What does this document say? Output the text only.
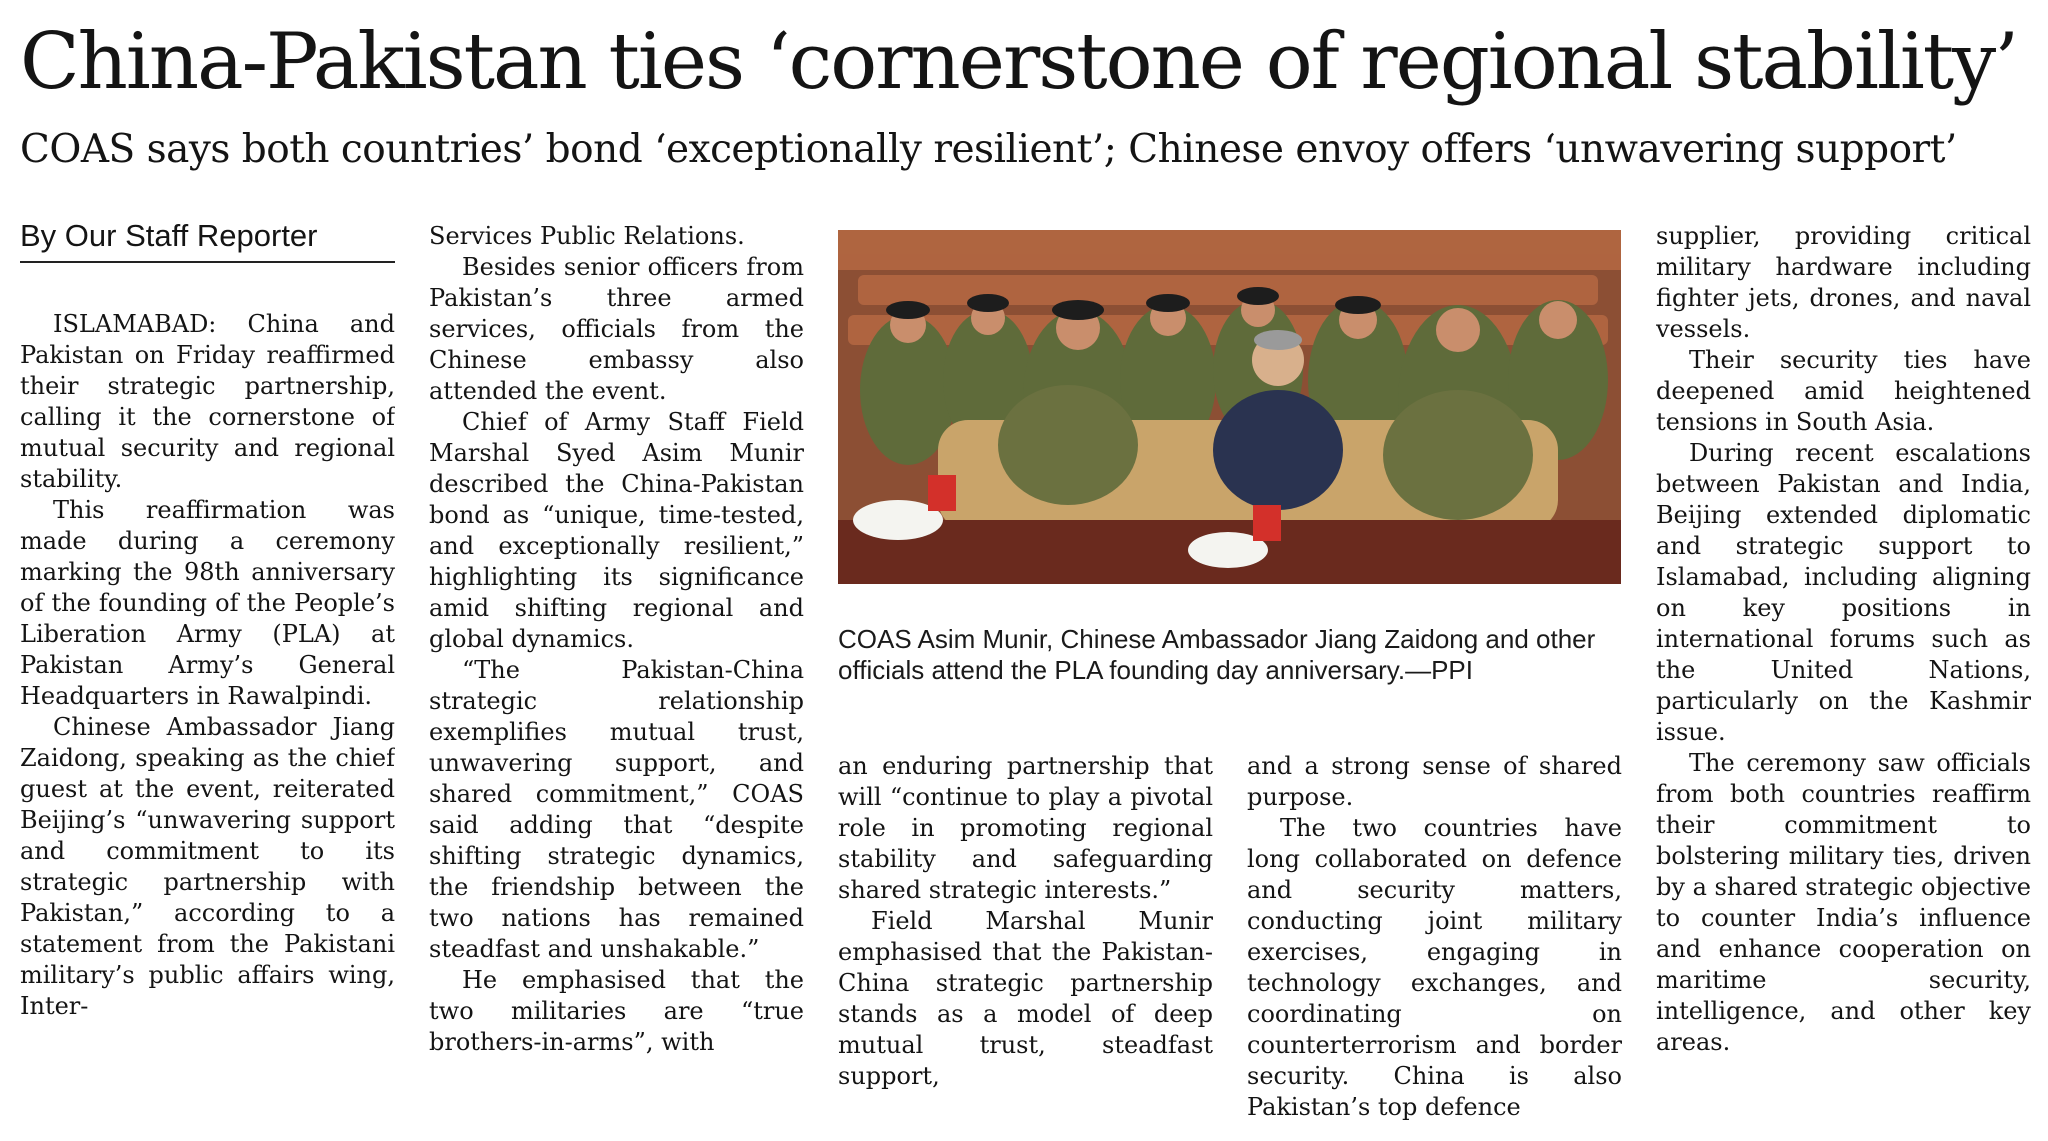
China-Pakistan ties ‘cornerstone of regional stability’
COAS says both countries’ bond ‘exceptionally resilient’; Chinese envoy offers ‘unwavering support’

By Our Staff Reporter

ISLAMABAD: China and Pakistan on Friday reaffirmed their strategic partnership, calling it the cornerstone of mutual security and regional stability.

This reaffirmation was made during a ceremony marking the 98th anniversary of the founding of the People’s Liberation Army (PLA) at Pakistan Army’s General Headquarters in Rawalpindi.

Chinese Ambassador Jiang Zaidong, speaking as the chief guest at the event, reiterated Beijing’s “unwavering support and commitment to its strategic partnership with Pakistan,” according to a statement from the Pakistani military’s public affairs wing, Inter-

Services Public Relations.

Besides senior officers from Pakistan’s three armed services, officials from the Chinese embassy also attended the event.

Chief of Army Staff Field Marshal Syed Asim Munir described the China-Pakistan bond as “unique, time-tested, and exceptionally resilient,” highlighting its significance amid shifting regional and global dynamics.

“The Pakistan-China strategic relationship exemplifies mutual trust, unwavering support, and shared commitment,” COAS said adding that “despite shifting strategic dynamics, the friendship between the two nations has remained steadfast and unshakable.”

He emphasised that the two militaries are “true brothers-in-arms”, with

COAS Asim Munir, Chinese Ambassador Jiang Zaidong and other officials attend the PLA founding day anniversary.—PPI

an enduring partnership that will “continue to play a pivotal role in promoting regional stability and safeguarding shared strategic interests.”

Field Marshal Munir emphasised that the Pakistan-China strategic partnership stands as a model of deep mutual trust, steadfast support,

and a strong sense of shared purpose.

The two countries have long collaborated on defence and security matters, conducting joint military exercises, engaging in technology exchanges, and coordinating on counterterrorism and border security. China is also Pakistan’s top defence

supplier, providing critical military hardware including fighter jets, drones, and naval vessels.

Their security ties have deepened amid heightened tensions in South Asia.

During recent escalations between Pakistan and India, Beijing extended diplomatic and strategic support to Islamabad, including aligning on key positions in international forums such as the United Nations, particularly on the Kashmir issue.

The ceremony saw officials from both countries reaffirm their commitment to bolstering military ties, driven by a shared strategic objective to counter India’s influence and enhance cooperation on maritime security, intelligence, and other key areas.
